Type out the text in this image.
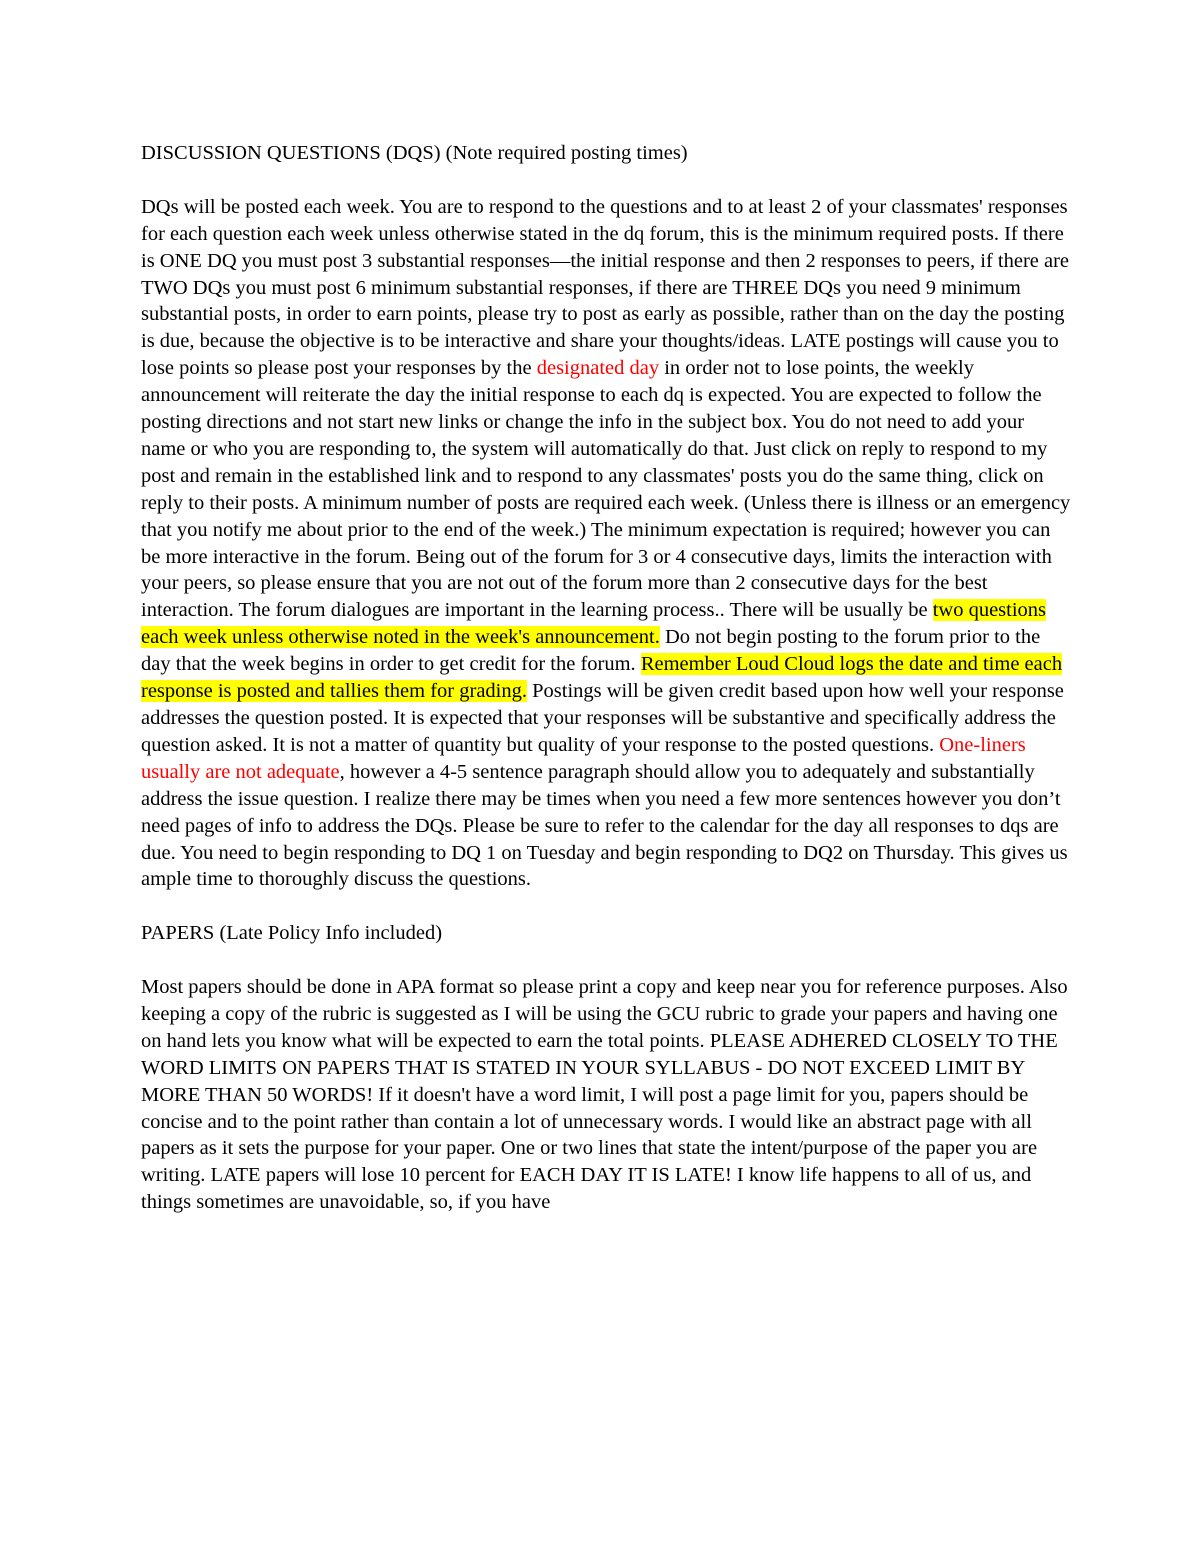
DISCUSSION QUESTIONS (DQS) (Note required posting times)

DQs will be posted each week. You are to respond to the questions and to at least 2 of your classmates' responses for each question each week unless otherwise stated in the dq forum, this is the minimum required posts. If there is ONE DQ you must post 3 substantial responses—the initial response and then 2 responses to peers, if there are TWO DQs you must post 6 minimum substantial responses, if there are THREE DQs you need 9 minimum substantial posts, in order to earn points, please try to post as early as possible, rather than on the day the posting is due, because the objective is to be interactive and share your thoughts/ideas. LATE postings will cause you to lose points so please post your responses by the designated day in order not to lose points, the weekly announcement will reiterate the day the initial response to each dq is expected. You are expected to follow the posting directions and not start new links or change the info in the subject box. You do not need to add your name or who you are responding to, the system will automatically do that. Just click on reply to respond to my post and remain in the established link and to respond to any classmates' posts you do the same thing, click on reply to their posts. A minimum number of posts are required each week. (Unless there is illness or an emergency that you notify me about prior to the end of the week.) The minimum expectation is required; however you can be more interactive in the forum. Being out of the forum for 3 or 4 consecutive days, limits the interaction with your peers, so please ensure that you are not out of the forum more than 2 consecutive days for the best interaction. The forum dialogues are important in the learning process.. There will be usually be two questions each week unless otherwise noted in the week's announcement. Do not begin posting to the forum prior to the day that the week begins in order to get credit for the forum. Remember Loud Cloud logs the date and time each response is posted and tallies them for grading. Postings will be given credit based upon how well your response addresses the question posted. It is expected that your responses will be substantive and specifically address the question asked. It is not a matter of quantity but quality of your response to the posted questions. One-liners usually are not adequate, however a 4-5 sentence paragraph should allow you to adequately and substantially address the issue question. I realize there may be times when you need a few more sentences however you don’t need pages of info to address the DQs. Please be sure to refer to the calendar for the day all responses to dqs are due. You need to begin responding to DQ 1 on Tuesday and begin responding to DQ2 on Thursday. This gives us ample time to thoroughly discuss the questions.

PAPERS (Late Policy Info included)

Most papers should be done in APA format so please print a copy and keep near you for reference purposes. Also keeping a copy of the rubric is suggested as I will be using the GCU rubric to grade your papers and having one on hand lets you know what will be expected to earn the total points. PLEASE ADHERED CLOSELY TO THE WORD LIMITS ON PAPERS THAT IS STATED IN YOUR SYLLABUS - DO NOT EXCEED LIMIT BY MORE THAN 50 WORDS! If it doesn't have a word limit, I will post a page limit for you, papers should be concise and to the point rather than contain a lot of unnecessary words. I would like an abstract page with all papers as it sets the purpose for your paper. One or two lines that state the intent/purpose of the paper you are writing. LATE papers will lose 10 percent for EACH DAY IT IS LATE! I know life happens to all of us, and things sometimes are unavoidable, so, if you have
